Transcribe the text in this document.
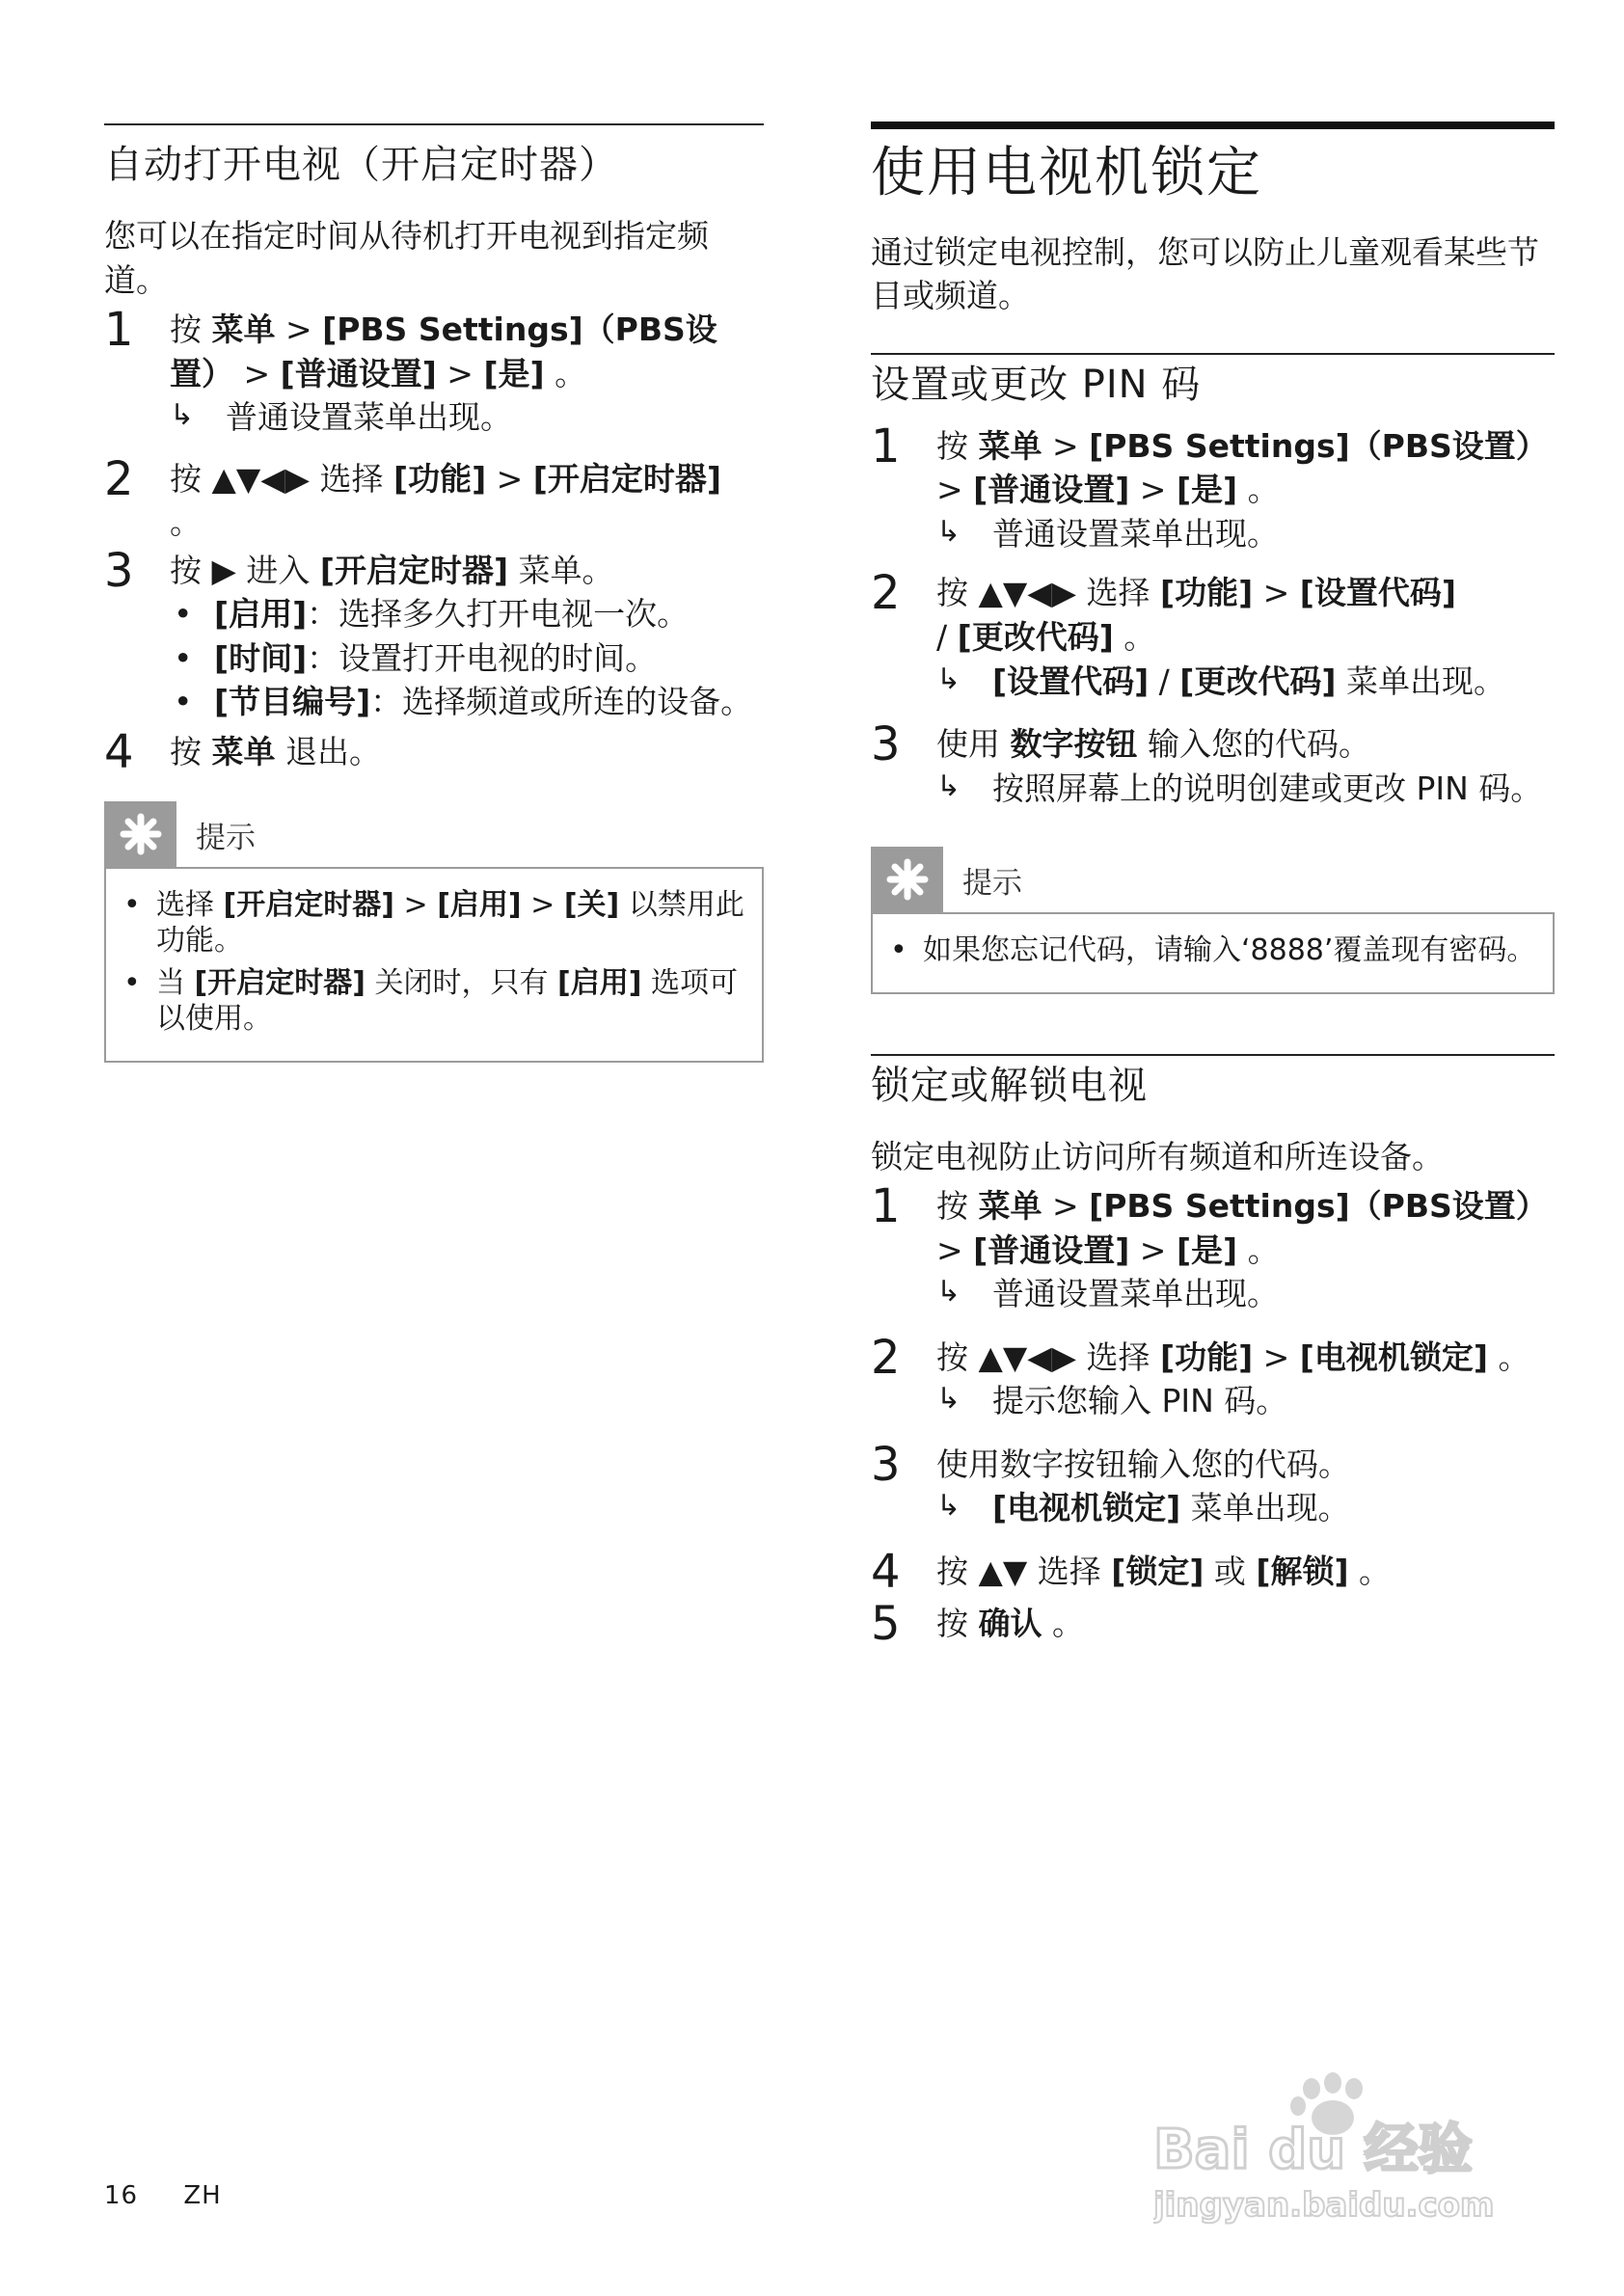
自动打开电视（开启定时器）
您可以在指定时间从待机打开电视到指定频道。
1	按 菜单 > [PBS Settings]（PBS设置） > [普通设置] > [是] 。
↳ 普通设置菜单出现。
2	按 ▲▼◀▶ 选择 [功能] > [开启定时器]
。
3	按 ▶ 进入 [开启定时器] 菜单。
• [启用]：选择多久打开电视一次。
• [时间]：设置打开电视的时间。
• [节目编号]：选择频道或所连的设备。
4	按 菜单 退出。
提示
• 选择 [开启定时器] > [启用] > [关] 以禁用此功能。
• 当 [开启定时器] 关闭时，只有 [启用] 选项可以使用。
使用电视机锁定
通过锁定电视控制，您可以防止儿童观看某些节目或频道。
设置或更改 PIN 码
1	按 菜单 > [PBS Settings]（PBS设置） > [普通设置] > [是] 。
↳ 普通设置菜单出现。
2	按 ▲▼◀▶ 选择 [功能] > [设置代码]
/ [更改代码] 。
↳ [设置代码] / [更改代码] 菜单出现。
3	使用 数字按钮 输入您的代码。
↳ 按照屏幕上的说明创建或更改 PIN 码。
提示
• 如果您忘记代码，请输入‘8888’覆盖现有密码。
锁定或解锁电视
锁定电视防止访问所有频道和所连设备。
1	按 菜单 > [PBS Settings]（PBS设置） > [普通设置] > [是] 。
↳ 普通设置菜单出现。
2	按 ▲▼◀▶ 选择 [功能] > [电视机锁定] 。
↳ 提示您输入 PIN 码。
3	使用数字按钮输入您的代码。
↳ [电视机锁定] 菜单出现。
4	按 ▲▼ 选择 [锁定] 或 [解锁] 。
5	按 确认 。
16 ZH
Bai du 经验
jingyan.baidu.com
